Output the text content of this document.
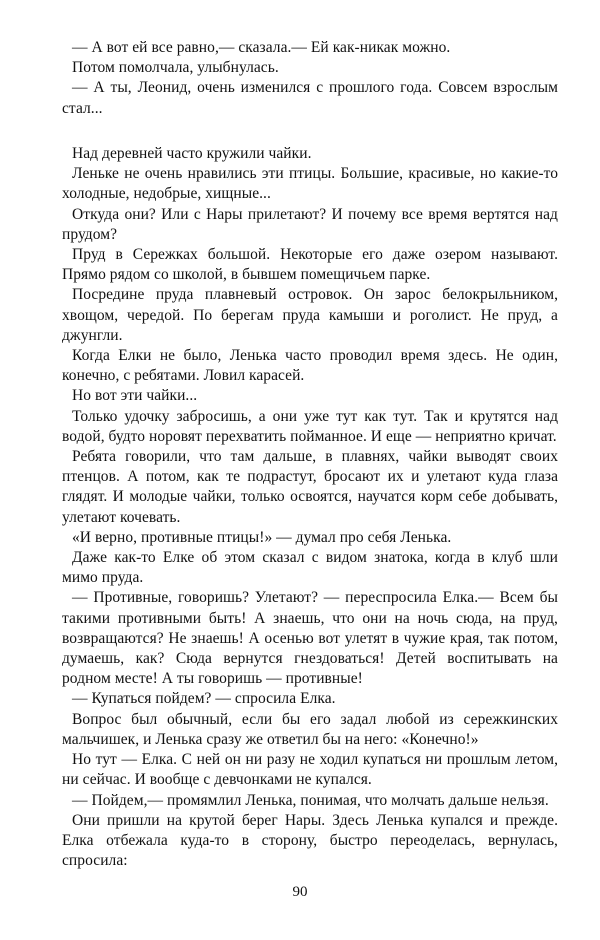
— А вот ей все равно,— сказала.— Ей как-никак можно.

Потом помолчала, улыбнулась.

— А ты, Леонид, очень изменился с прошлого года. Совсем взрослым стал...

Над деревней часто кружили чайки.

Леньке не очень нравились эти птицы. Большие, красивые, но какие-то холодные, недобрые, хищные...

Откуда они? Или с Нары прилетают? И почему все время вертятся над прудом?

Пруд в Сережках большой. Некоторые его даже озером называют. Прямо рядом со школой, в бывшем помещичьем парке.

Посредине пруда плавневый островок. Он зарос белокрыльником, хвощом, чередой. По берегам пруда камыши и роголист. Не пруд, а джунгли.

Когда Елки не было, Ленька часто проводил время здесь. Не один, конечно, с ребятами. Ловил карасей.

Но вот эти чайки...

Только удочку забросишь, а они уже тут как тут. Так и крутятся над водой, будто норовят перехватить пойманное. И еще — неприятно кричат.

Ребята говорили, что там дальше, в плавнях, чайки выводят своих птенцов. А потом, как те подрастут, бросают их и улетают куда глаза глядят. И молодые чайки, только освоятся, научатся корм себе добывать, улетают кочевать.

«И верно, противные птицы!» — думал про себя Ленька.

Даже как-то Елке об этом сказал с видом знатока, когда в клуб шли мимо пруда.

— Противные, говоришь? Улетают? — переспросила Елка.— Всем бы такими противными быть! А знаешь, что они на ночь сюда, на пруд, возвращаются? Не знаешь! А осенью вот улетят в чужие края, так потом, думаешь, как? Сюда вернутся гнездоваться! Детей воспитывать на родном месте! А ты говоришь — противные!

— Купаться пойдем? — спросила Елка.

Вопрос был обычный, если бы его задал любой из сережкинских мальчишек, и Ленька сразу же ответил бы на него: «Конечно!»

Но тут — Елка. С ней он ни разу не ходил купаться ни прошлым летом, ни сейчас. И вообще с девчонками не купался.

— Пойдем,— промямлил Ленька, понимая, что молчать дальше нельзя.

Они пришли на крутой берег Нары. Здесь Ленька купался и прежде. Елка отбежала куда-то в сторону, быстро переоделась, вернулась, спросила:

90
